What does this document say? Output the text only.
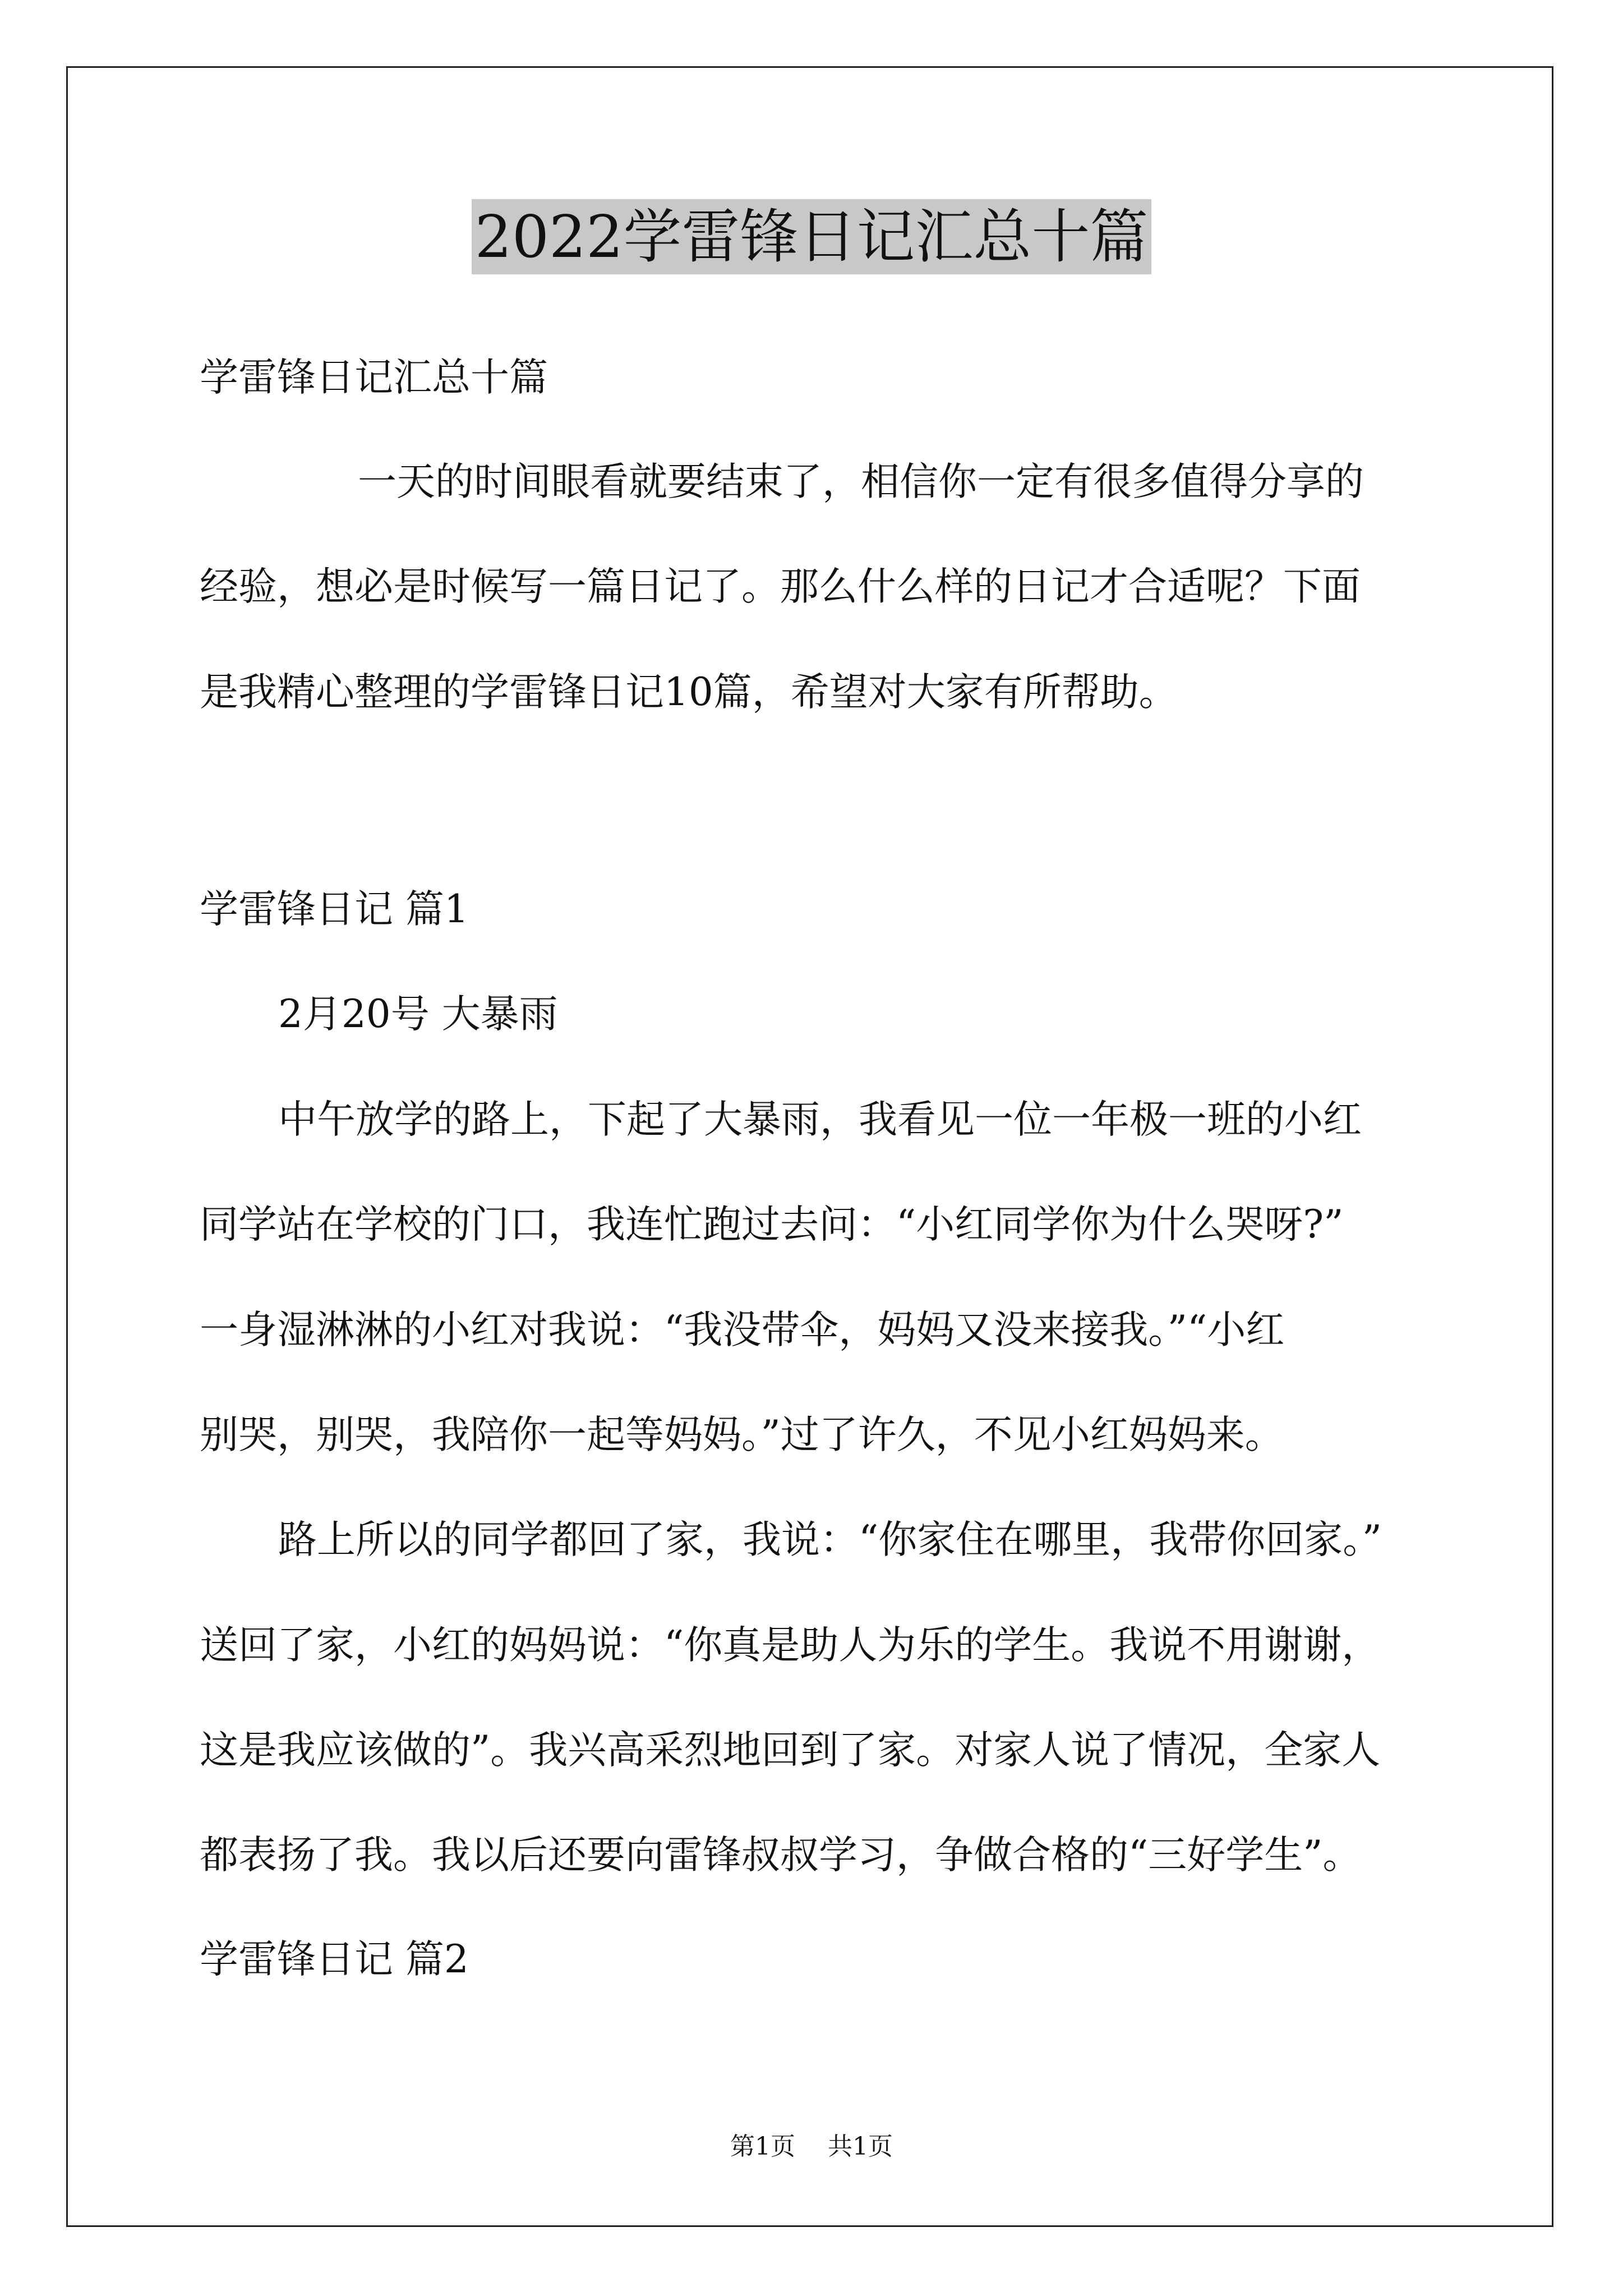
2022学雷锋日记汇总十篇
学雷锋日记汇总十篇
一天的时间眼看就要结束了，相信你一定有很多值得分享的
经验，想必是时候写一篇日记了。那么什么样的日记才合适呢？下面
是我精心整理的学雷锋日记10篇，希望对大家有所帮助。
学雷锋日记 篇1
2月20号 大暴雨
中午放学的路上，下起了大暴雨，我看见一位一年极一班的小红
同学站在学校的门口，我连忙跑过去问：“小红同学你为什么哭呀?”
一身湿淋淋的小红对我说：“我没带伞，妈妈又没来接我。”“小红
别哭，别哭，我陪你一起等妈妈。”过了许久，不见小红妈妈来。
路上所以的同学都回了家，我说：“你家住在哪里，我带你回家。”
送回了家，小红的妈妈说：“你真是助人为乐的学生。我说不用谢谢，
这是我应该做的”。我兴高采烈地回到了家。对家人说了情况，全家人
都表扬了我。我以后还要向雷锋叔叔学习，争做合格的“三好学生”。
学雷锋日记 篇2
第1页 共1页
